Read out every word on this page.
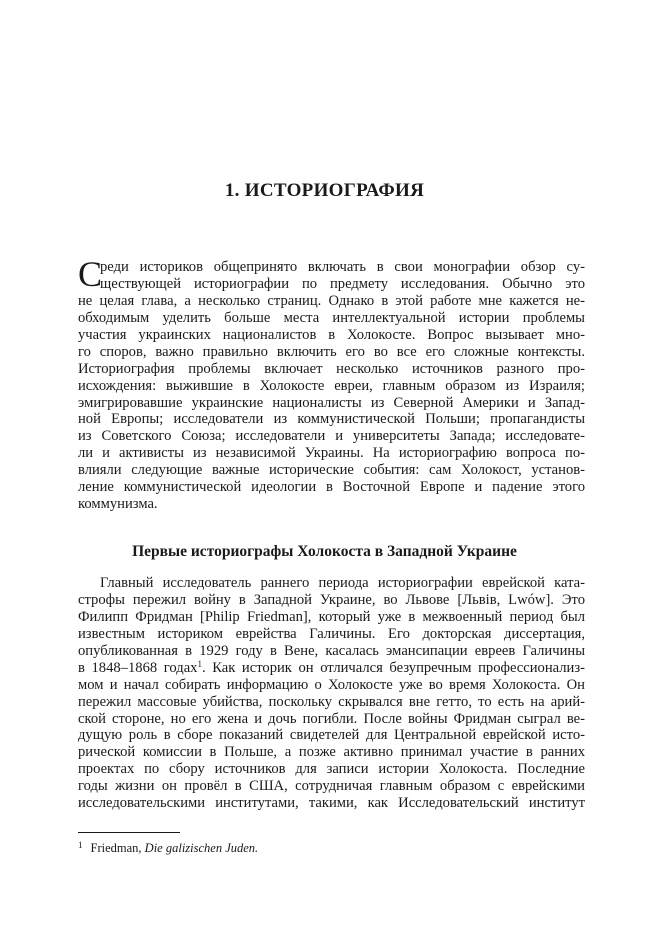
1. ИСТОРИОГРАФИЯ
С
реди историков общепринято включать в свои монографии обзор су-
ществующей историографии по предмету исследования. Обычно это
не целая глава, а несколько страниц. Однако в этой работе мне кажется не-
обходимым уделить больше места интеллектуальной истории проблемы
участия украинских националистов в Холокосте. Вопрос вызывает мно-
го споров, важно правильно включить его во все его сложные контексты.
Историография проблемы включает несколько источников разного про-
исхождения: выжившие в Холокосте евреи, главным образом из Израиля;
эмигрировавшие украинские националисты из Северной Америки и Запад-
ной Европы; исследователи из коммунистической Польши; пропагандисты
из Советского Союза; исследователи и университеты Запада; исследовате-
ли и активисты из независимой Украины. На историографию вопроса по-
влияли следующие важные исторические события: сам Холокост, установ-
ление коммунистической идеологии в Восточной Европе и падение этого
коммунизма.
Первые историографы Холокоста в Западной Украине
Главный исследователь раннего периода историографии еврейской ката-
строфы пережил войну в Западной Украине, во Львове [Львів, Lwów]. Это
Филипп Фридман [Philip Friedman], который уже в межвоенный период был
известным историком еврейства Галичины. Его докторская диссертация,
опубликованная в 1929 году в Вене, касалась эмансипации евреев Галичины
в 1848–1868 годах$^1$. Как историк он отличался безупречным профессионализ-
мом и начал собирать информацию о Холокосте уже во время Холокоста. Он
пережил массовые убийства, поскольку скрывался вне гетто, то есть на арий-
ской стороне, но его жена и дочь погибли. После войны Фридман сыграл ве-
дущую роль в сборе показаний свидетелей для Центральной еврейской исто-
рической комиссии в Польше, а позже активно принимал участие в ранних
проектах по сбору источников для записи истории Холокоста. Последние
годы жизни он провёл в США, сотрудничая главным образом с еврейскими
исследовательскими институтами, такими, как Исследовательский институт
$^1$ Friedman, Die galizischen Juden.
